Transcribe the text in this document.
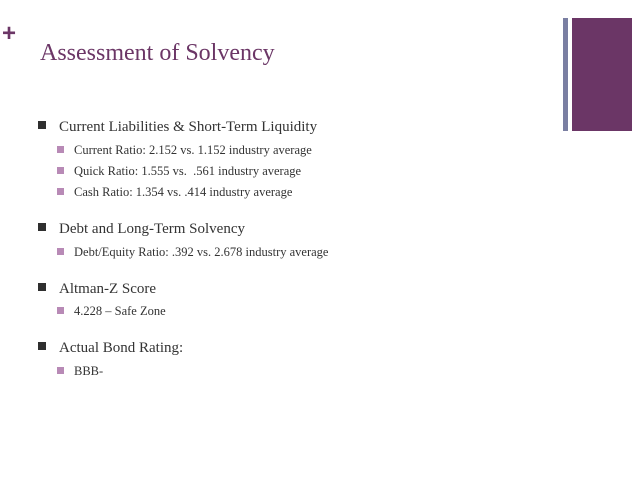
+
Assessment of Solvency
Current Liabilities & Short-Term Liquidity
Current Ratio: 2.152 vs. 1.152 industry average
Quick Ratio: 1.555 vs.  .561 industry average
Cash Ratio: 1.354 vs. .414 industry average
Debt and Long-Term Solvency
Debt/Equity Ratio: .392 vs. 2.678 industry average
Altman-Z Score
4.228 – Safe Zone
Actual Bond Rating:
BBB-
